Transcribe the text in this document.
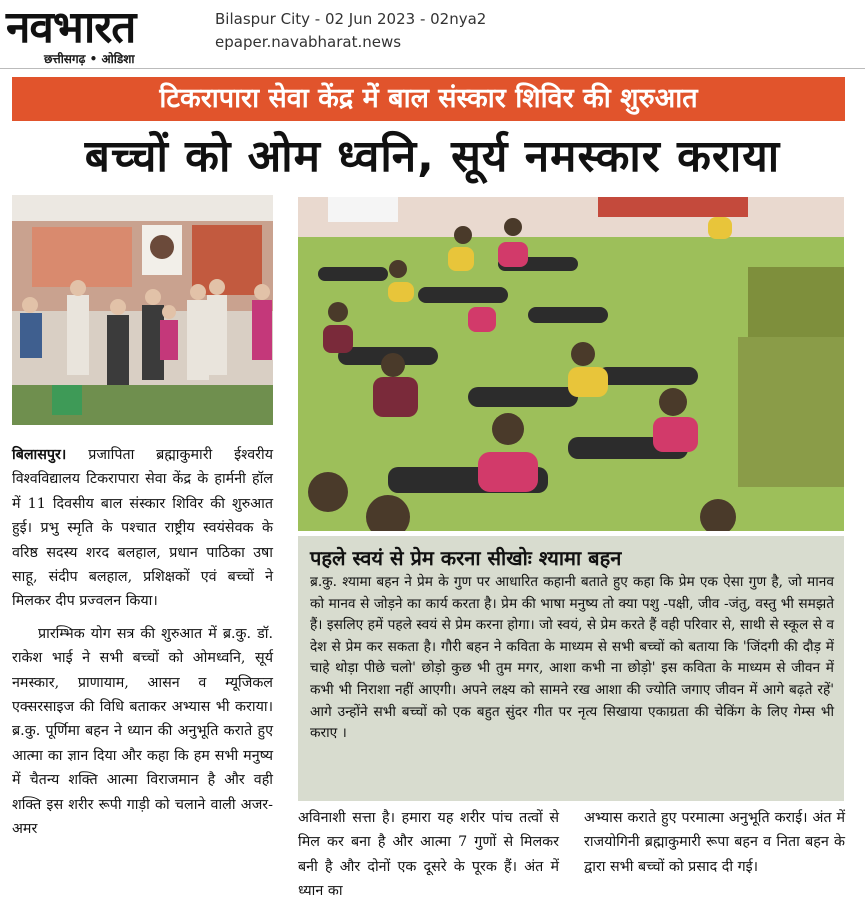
नवभारत
छत्तीसगढ़ • ओडिशा
Bilaspur City - 02 Jun 2023 - 02nya2
epaper.navabharat.news
टिकरापारा सेवा केंद्र में बाल संस्कार शिविर की शुरुआत
बच्चों को ओम ध्वनि, सूर्य नमस्कार कराया

बिलासपुर। प्रजापिता ब्रह्माकुमारी ईश्वरीय विश्वविद्यालय टिकरापारा सेवा केंद्र के हार्मनी हॉल में 11 दिवसीय बाल संस्कार शिविर की शुरुआत हुई। प्रभु स्मृति के पश्चात राष्ट्रीय स्वयंसेवक के वरिष्ठ सदस्य शरद बलहाल, प्रधान पाठिका उषा साहू, संदीप बलहाल, प्रशिक्षकों एवं बच्चों ने मिलकर दीप प्रज्वलन किया।

प्रारम्भिक योग सत्र की शुरुआत में ब्र.कु. डॉ. राकेश भाई ने सभी बच्चों को ओमध्वनि, सूर्य नमस्कार, प्राणायाम, आसन व म्यूजिकल एक्सरसाइज की विधि बताकर अभ्यास भी कराया। ब्र.कु. पूर्णिमा बहन ने ध्यान की अनुभूति कराते हुए आत्मा का ज्ञान दिया और कहा कि हम सभी मनुष्य में चैतन्य शक्ति आत्मा विराजमान है और वही शक्ति इस शरीर रूपी गाड़ी को चलाने वाली अजर-अमर

पहले स्वयं से प्रेम करना सीखोः श्यामा बहन
ब्र.कु. श्यामा बहन ने प्रेम के गुण पर आधारित कहानी बताते हुए कहा कि प्रेम एक ऐसा गुण है, जो मानव को मानव से जोड़ने का कार्य करता है। प्रेम की भाषा मनुष्य तो क्या पशु -पक्षी, जीव -जंतु, वस्तु भी समझते हैं। इसलिए हमें पहले स्वयं से प्रेम करना होगा। जो स्वयं, से प्रेम करते हैं वही परिवार से, साथी से स्कूल से व देश से प्रेम कर सकता है। गौरी बहन ने कविता के माध्यम से सभी बच्चों को बताया कि 'जिंदगी की दौड़ में चाहे थोड़ा पीछे चलो' छोड़ो कुछ भी तुम मगर, आशा कभी ना छोड़ो' इस कविता के माध्यम से जीवन में कभी भी निराशा नहीं आएगी। अपने लक्ष्य को सामने रख आशा की ज्योति जगाए जीवन में आगे बढ़ते रहें' आगे उन्होंने सभी बच्चों को एक बहुत सुंदर गीत पर नृत्य सिखाया एकाग्रता की चेकिंग के लिए गेम्स भी कराए ।
अविनाशी सत्ता है। हमारा यह शरीर पांच तत्वों से मिल कर बना है और आत्मा 7 गुणों से मिलकर बनी है और दोनों एक दूसरे के पूरक हैं। अंत में ध्यान का
अभ्यास कराते हुए परमात्मा अनुभूति कराई। अंत में राजयोगिनी ब्रह्माकुमारी रूपा बहन व निता बहन के द्वारा सभी बच्चों को प्रसाद दी गई।
